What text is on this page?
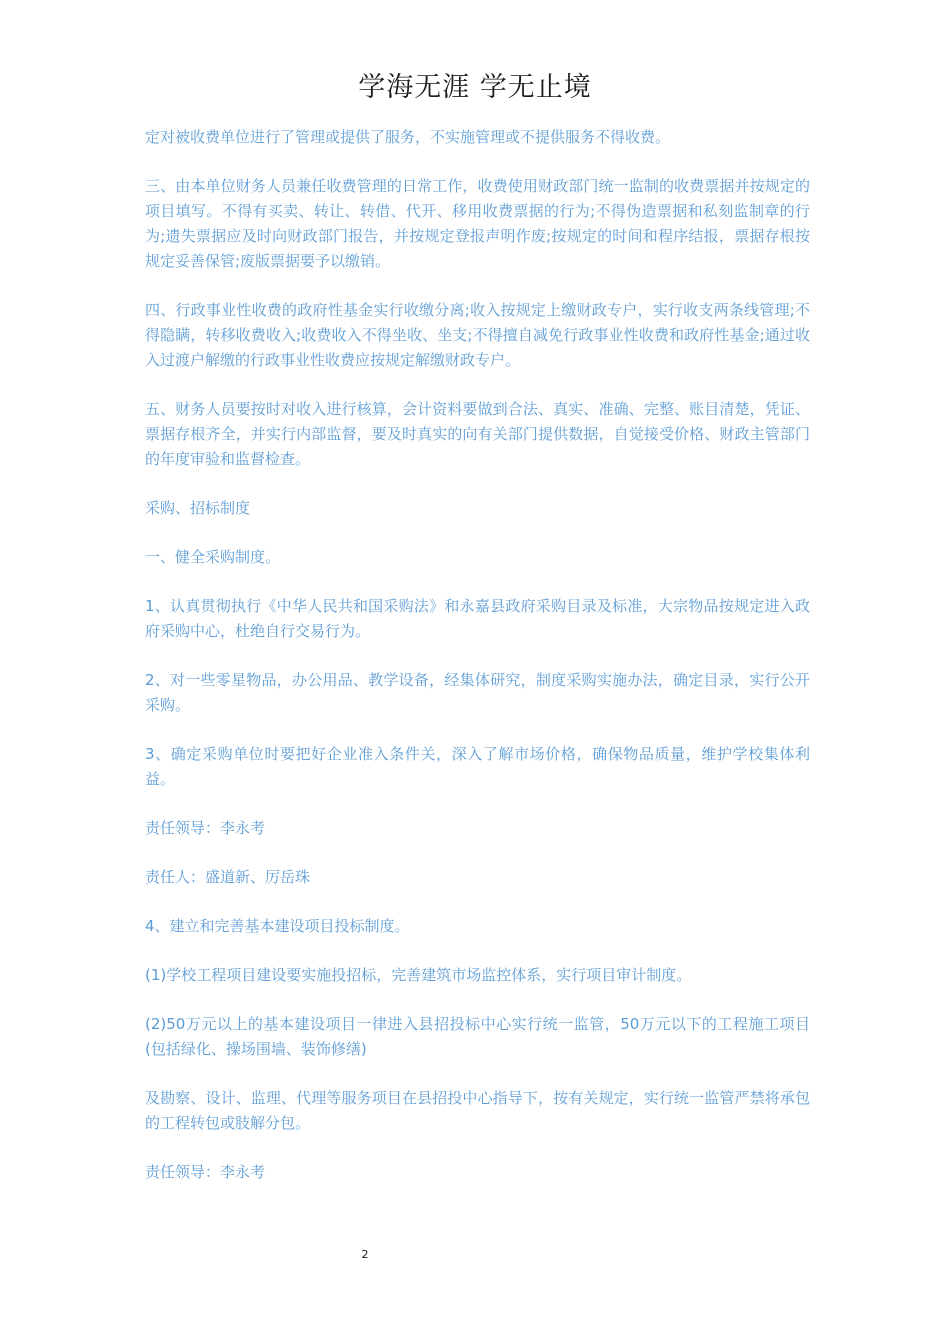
学海无涯 学无止境

定对被收费单位进行了管理或提供了服务，不实施管理或不提供服务不得收费。

三、由本单位财务人员兼任收费管理的日常工作，收费使用财政部门统一监制的收费票据并按规定的项目填写。不得有买卖、转让、转借、代开、移用收费票据的行为;不得伪造票据和私刻监制章的行为;遗失票据应及时向财政部门报告，并按规定登报声明作废;按规定的时间和程序结报，票据存根按规定妥善保管;废版票据要予以缴销。

四、行政事业性收费的政府性基金实行收缴分离;收入按规定上缴财政专户，实行收支两条线管理;不得隐瞒，转移收费收入;收费收入不得坐收、坐支;不得擅自减免行政事业性收费和政府性基金;通过收入过渡户解缴的行政事业性收费应按规定解缴财政专户。

五、财务人员要按时对收入进行核算，会计资料要做到合法、真实、准确、完整、账目清楚，凭证、票据存根齐全，并实行内部监督，要及时真实的向有关部门提供数据，自觉接受价格、财政主管部门的年度审验和监督检查。

采购、招标制度

一、健全采购制度。

1、认真贯彻执行《中华人民共和国采购法》和永嘉县政府采购目录及标准，大宗物品按规定进入政府采购中心，杜绝自行交易行为。

2、对一些零星物品，办公用品、教学设备，经集体研究，制度采购实施办法，确定目录，实行公开采购。

3、确定采购单位时要把好企业准入条件关，深入了解市场价格，确保物品质量，维护学校集体利益。

责任领导：李永考

责任人：盛道新、厉岳珠

4、建立和完善基本建设项目投标制度。

(1)学校工程项目建设要实施投招标，完善建筑市场监控体系，实行项目审计制度。

(2)50万元以上的基本建设项目一律进入县招投标中心实行统一监管，50万元以下的工程施工项目(包括绿化、操场围墙、装饰修缮)

及勘察、设计、监理、代理等服务项目在县招投中心指导下，按有关规定，实行统一监管严禁将承包的工程转包或肢解分包。

责任领导：李永考

2
